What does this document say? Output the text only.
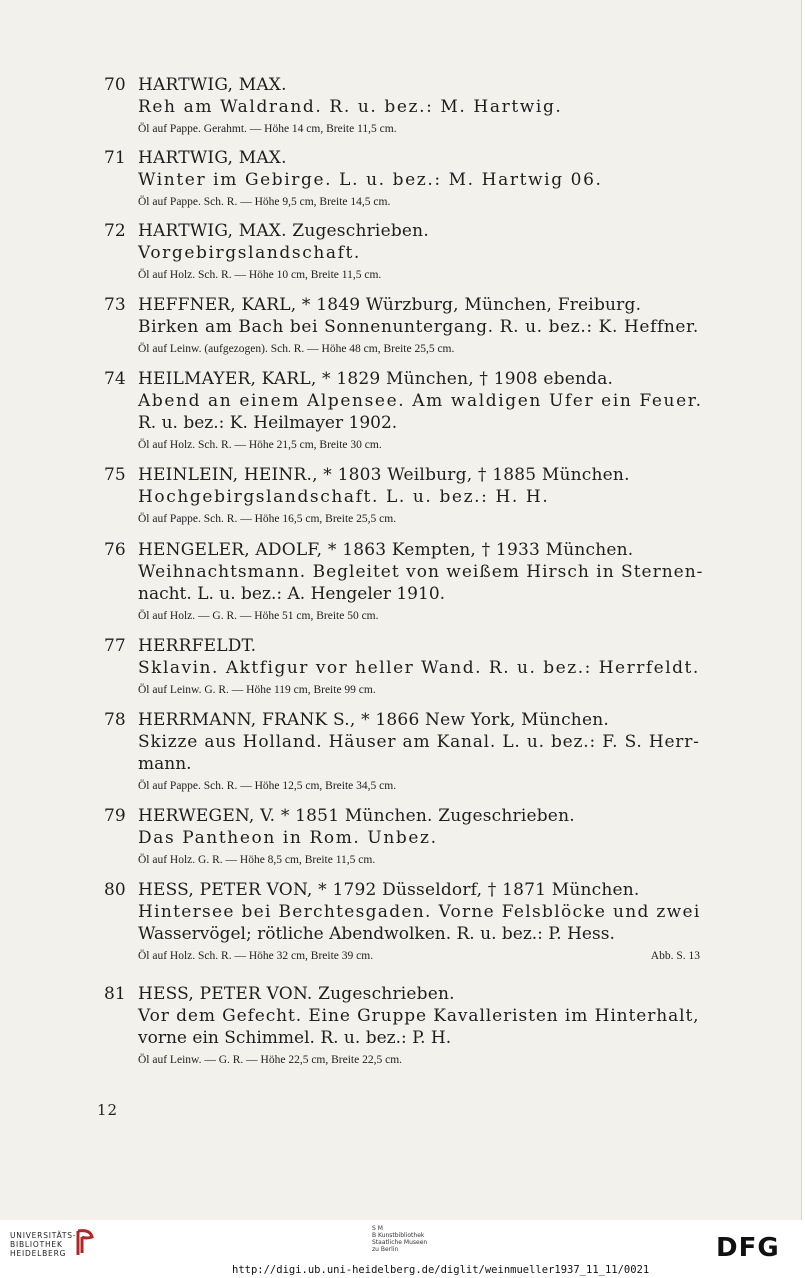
70 HARTWIG, MAX.
Reh am Waldrand. R. u. bez.: M. Hartwig.
Öl auf Pappe. Gerahmt. — Höhe 14 cm, Breite 11,5 cm.
71 HARTWIG, MAX.
Winter im Gebirge. L. u. bez.: M. Hartwig 06.
Öl auf Pappe. Sch. R. — Höhe 9,5 cm, Breite 14,5 cm.
72 HARTWIG, MAX. Zugeschrieben.
Vorgebirgslandschaft.
Öl auf Holz. Sch. R. — Höhe 10 cm, Breite 11,5 cm.
73 HEFFNER, KARL, * 1849 Würzburg, München, Freiburg.
Birken am Bach bei Sonnenuntergang. R. u. bez.: K. Heffner.
Öl auf Leinw. (aufgezogen). Sch. R. — Höhe 48 cm, Breite 25,5 cm.
74 HEILMAYER, KARL, * 1829 München, † 1908 ebenda.
Abend an einem Alpensee. Am waldigen Ufer ein Feuer.
R. u. bez.: K. Heilmayer 1902.
Öl auf Holz. Sch. R. — Höhe 21,5 cm, Breite 30 cm.
75 HEINLEIN, HEINR., * 1803 Weilburg, † 1885 München.
Hochgebirgslandschaft. L. u. bez.: H. H.
Öl auf Pappe. Sch. R. — Höhe 16,5 cm, Breite 25,5 cm.
76 HENGELER, ADOLF, * 1863 Kempten, † 1933 München.
Weihnachtsmann. Begleitet von weißem Hirsch in Sternen-
nacht. L. u. bez.: A. Hengeler 1910.
Öl auf Holz. — G. R. — Höhe 51 cm, Breite 50 cm.
77 HERRFELDT.
Sklavin. Aktfigur vor heller Wand. R. u. bez.: Herrfeldt.
Öl auf Leinw. G. R. — Höhe 119 cm, Breite 99 cm.
78 HERRMANN, FRANK S., * 1866 New York, München.
Skizze aus Holland. Häuser am Kanal. L. u. bez.: F. S. Herr-
mann.
Öl auf Pappe. Sch. R. — Höhe 12,5 cm, Breite 34,5 cm.
79 HERWEGEN, V. * 1851 München. Zugeschrieben.
Das Pantheon in Rom. Unbez.
Öl auf Holz. G. R. — Höhe 8,5 cm, Breite 11,5 cm.
80 HESS, PETER VON, * 1792 Düsseldorf, † 1871 München.
Hintersee bei Berchtesgaden. Vorne Felsblöcke und zwei
Wasservögel; rötliche Abendwolken. R. u. bez.: P. Hess.
Öl auf Holz. Sch. R. — Höhe 32 cm, Breite 39 cm.	Abb. S. 13
81 HESS, PETER VON. Zugeschrieben.
Vor dem Gefecht. Eine Gruppe Kavalleristen im Hinterhalt,
vorne ein Schimmel. R. u. bez.: P. H.
Öl auf Leinw. — G. R. — Höhe 22,5 cm, Breite 22,5 cm.
12
UNIVERSITÄTS-
BIBLIOTHEK
HEIDELBERG
S M
B Kunstbibliothek
Staatliche Museen
zu Berlin	DFG
http://digi.ub.uni-heidelberg.de/diglit/weinmueller1937_11_11/0021
